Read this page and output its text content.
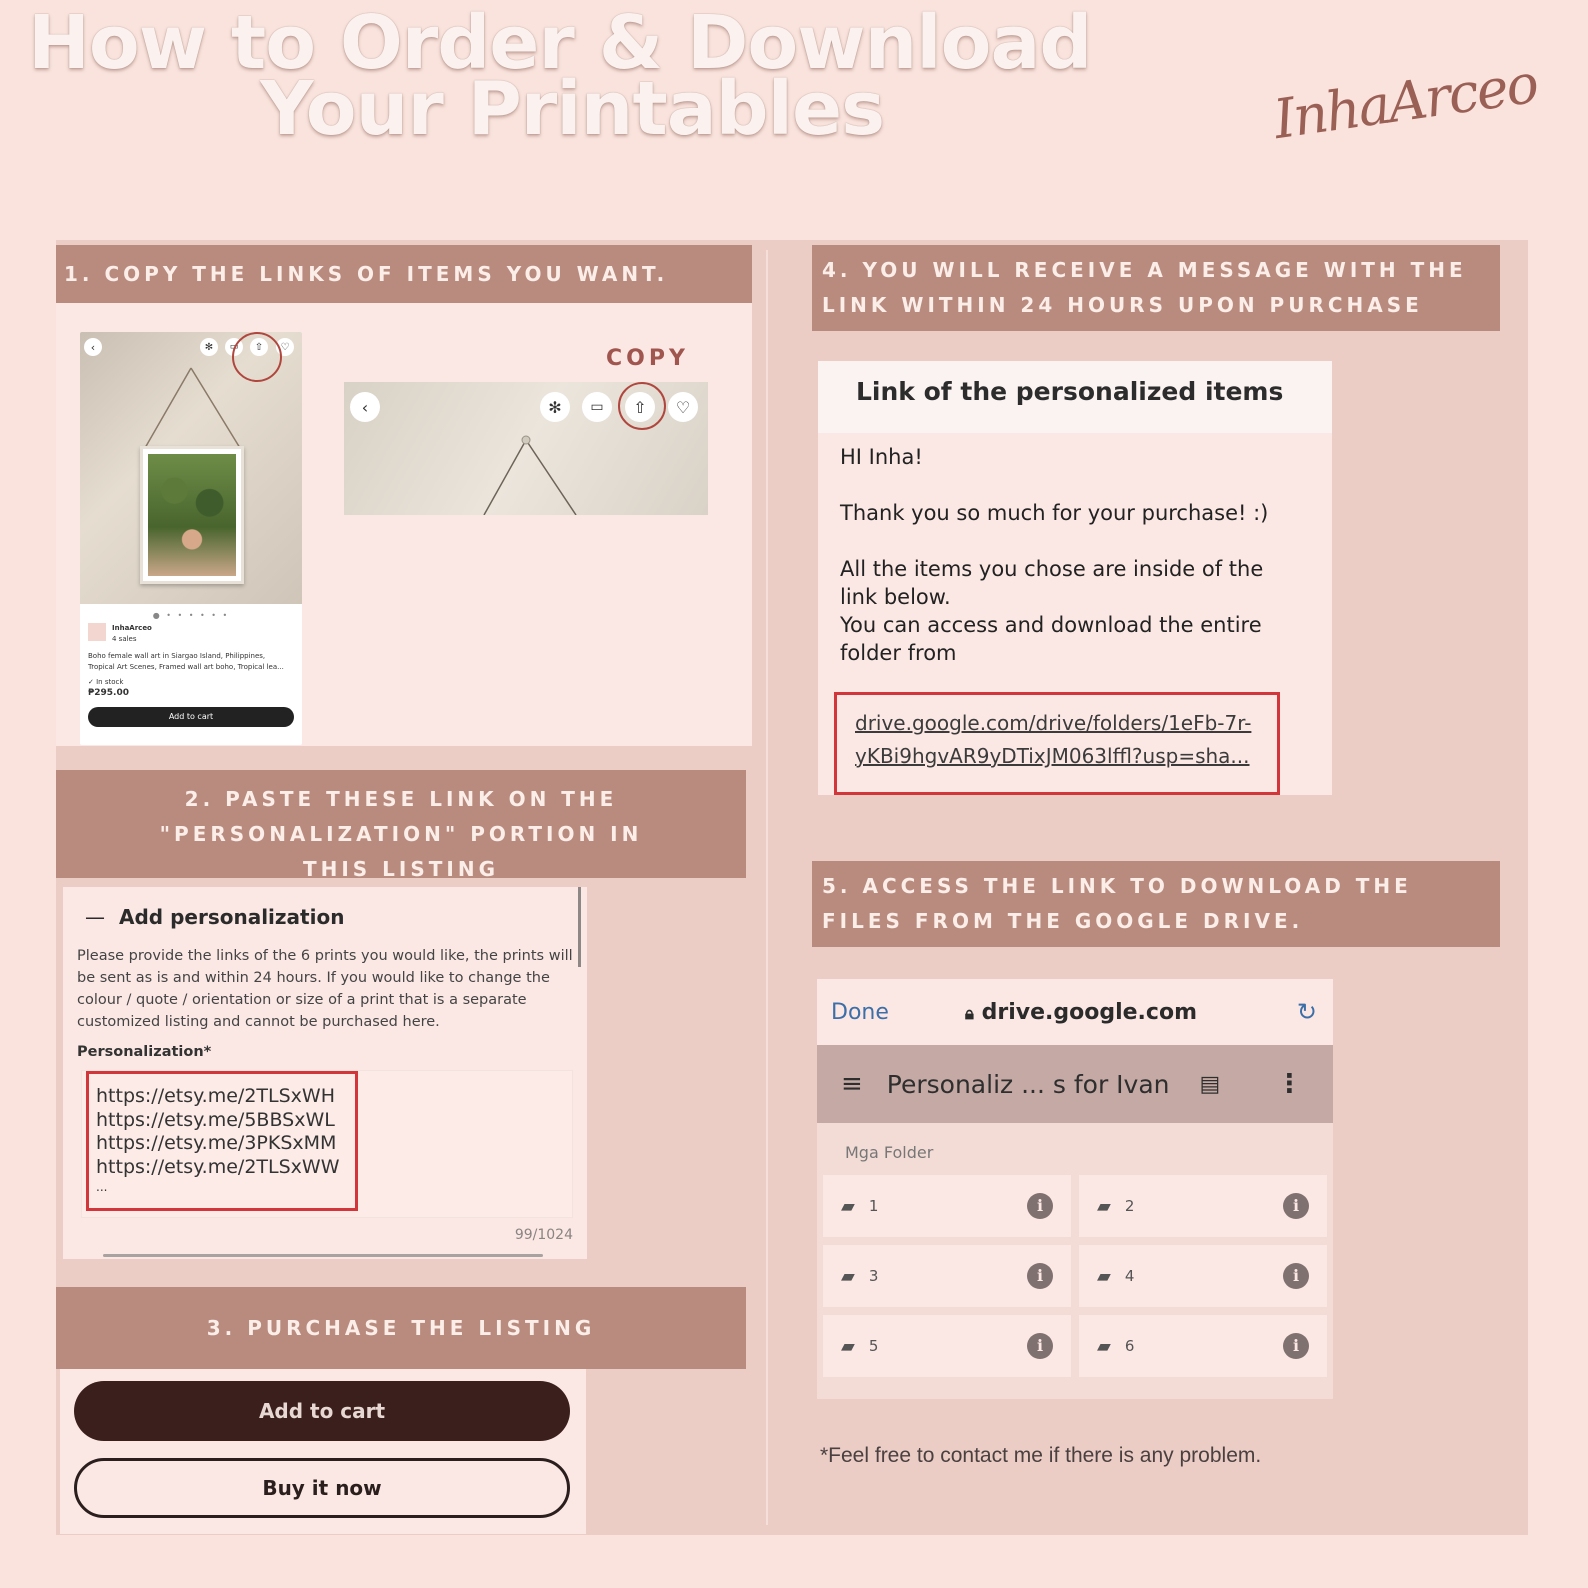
How to Order & Download
Your Printables	InhaArceo
1. COPY THE LINKS OF ITEMS YOU WANT.
‹	✻	▭	⇧	♡
● • • • • • •
InhaArceo
4 sales
Boho female wall art in Siargao Island, Philippines, Tropical Art Scenes, Framed wall art boho, Tropical lea...
✓ In stock
₱295.00
Add to cart
COPY
‹	✻	▭	⇧	♡
2. PASTE THESE LINK ON THE "PERSONALIZATION" PORTION IN THIS LISTING
— Add personalization
Please provide the links of the 6 prints you would like, the prints will be sent as is and within 24 hours. If you would like to change the colour / quote / orientation or size of a print that is a separate customized listing and cannot be purchased here.
Personalization*
https://etsy.me/2TLSxWH
https://etsy.me/5BBSxWL
https://etsy.me/3PKSxMM
https://etsy.me/2TLSxWW
...
99/1024
3. PURCHASE THE LISTING
Add to cart
Buy it now
4. YOU WILL RECEIVE A MESSAGE WITH THE LINK WITHIN 24 HOURS UPON PURCHASE
Link of the personalized items
HI Inha!
Thank you so much for your purchase! :)
All the items you chose are inside of the link below.
You can access and download the entire folder from
drive.google.com/drive/folders/1eFb-7r-
yKBi9hgvAR9yDTixJM063lffl?usp=sha...
5. ACCESS THE LINK TO DOWNLOAD THE FILES FROM THE GOOGLE DRIVE.
Done	🔒︎ drive.google.com	↻
≡ Personaliz ... s for Ivan ▤ ⋮
Mga Folder
▰ 1	i	▰ 2	i
▰ 3	i	▰ 4	i
▰ 5	i	▰ 6	i
*Feel free to contact me if there is any problem.
